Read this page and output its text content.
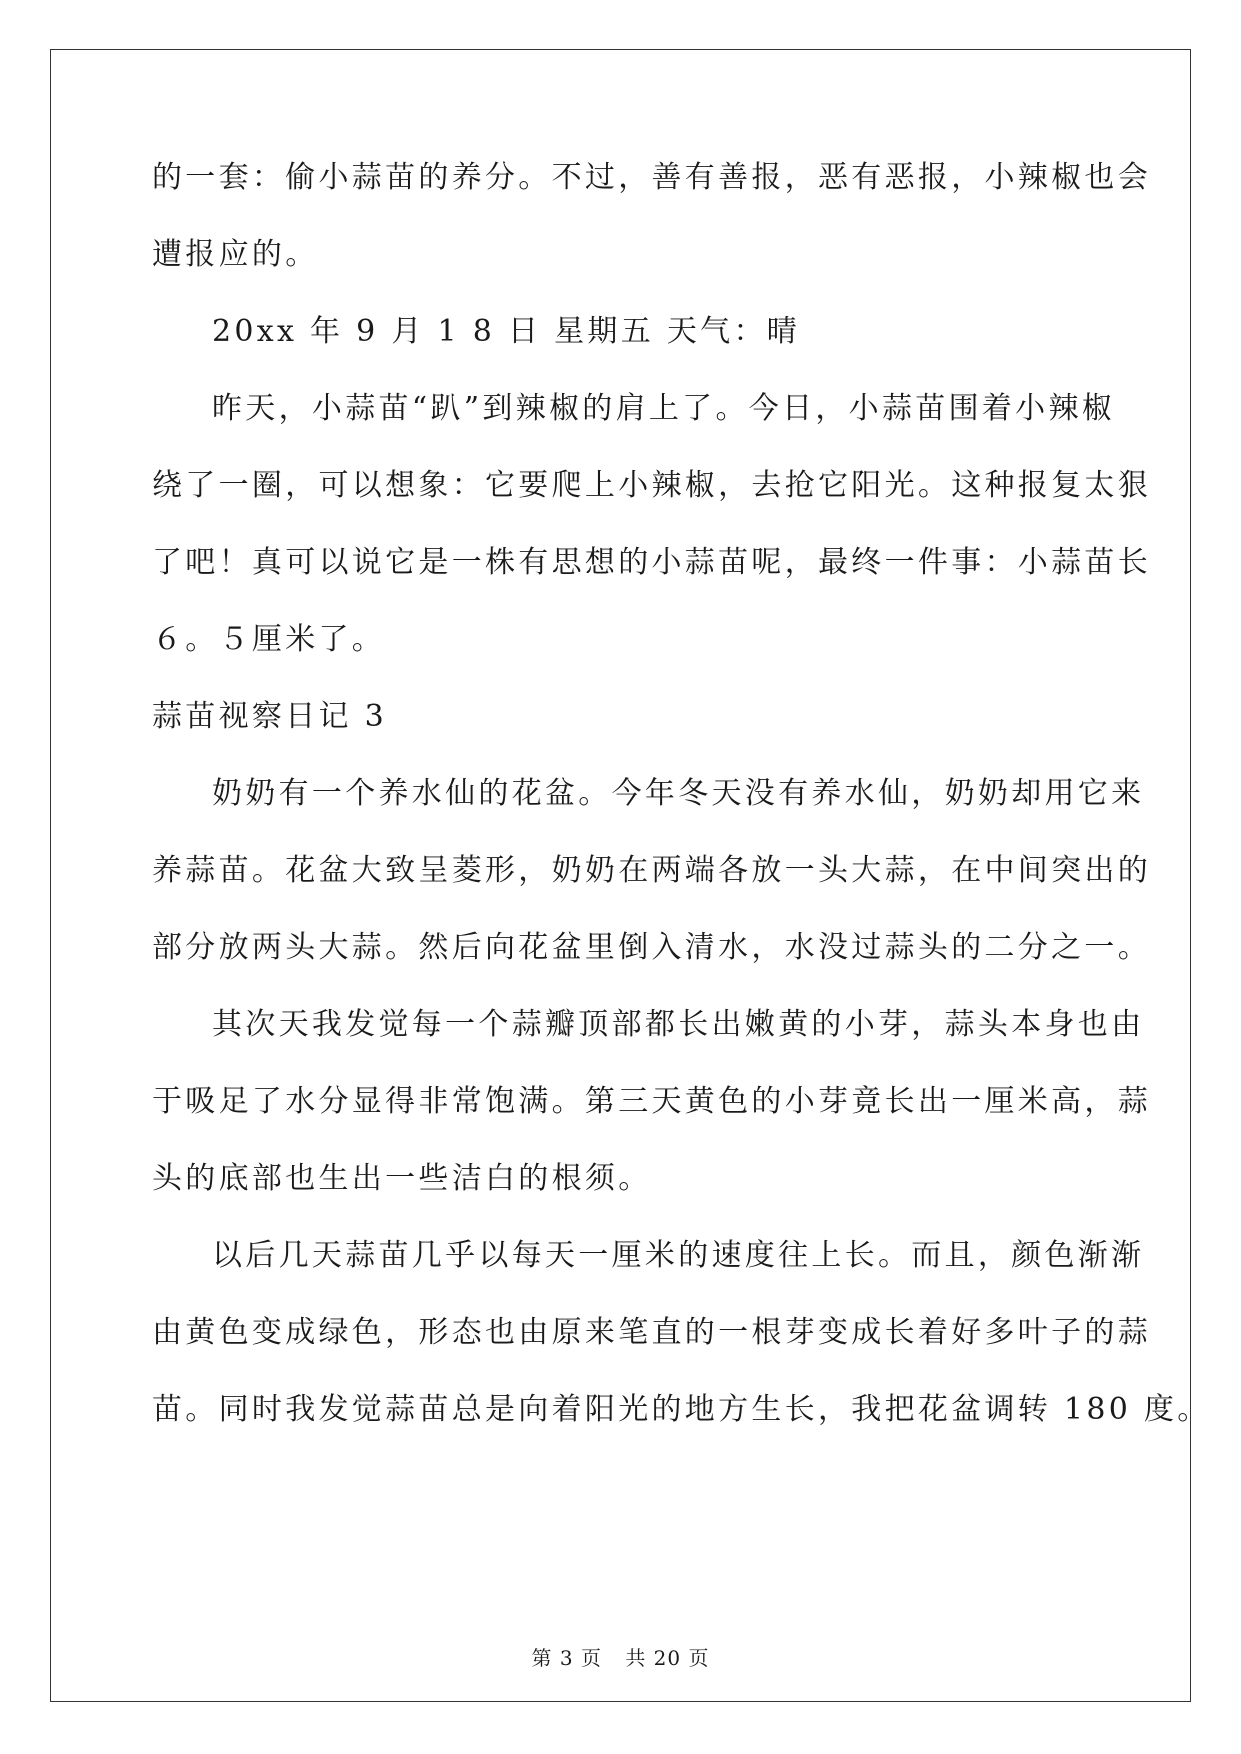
的一套：偷小蒜苗的养分。不过，善有善报，恶有恶报，小辣椒也会

遭报应的。

20xx 年 9 月 1 8 日 星期五 天气：晴

昨天，小蒜苗“趴”到辣椒的肩上了。今日，小蒜苗围着小辣椒

绕了一圈，可以想象：它要爬上小辣椒，去抢它阳光。这种报复太狠

了吧！真可以说它是一株有思想的小蒜苗呢，最终一件事：小蒜苗长

６。５厘米了。

蒜苗视察日记 3

奶奶有一个养水仙的花盆。今年冬天没有养水仙，奶奶却用它来

养蒜苗。花盆大致呈菱形，奶奶在两端各放一头大蒜，在中间突出的

部分放两头大蒜。然后向花盆里倒入清水，水没过蒜头的二分之一。

其次天我发觉每一个蒜瓣顶部都长出嫩黄的小芽，蒜头本身也由

于吸足了水分显得非常饱满。第三天黄色的小芽竟长出一厘米高，蒜

头的底部也生出一些洁白的根须。

以后几天蒜苗几乎以每天一厘米的速度往上长。而且，颜色渐渐

由黄色变成绿色，形态也由原来笔直的一根芽变成长着好多叶子的蒜

苗。同时我发觉蒜苗总是向着阳光的地方生长，我把花盆调转 180 度。

第 3 页 共 20 页
